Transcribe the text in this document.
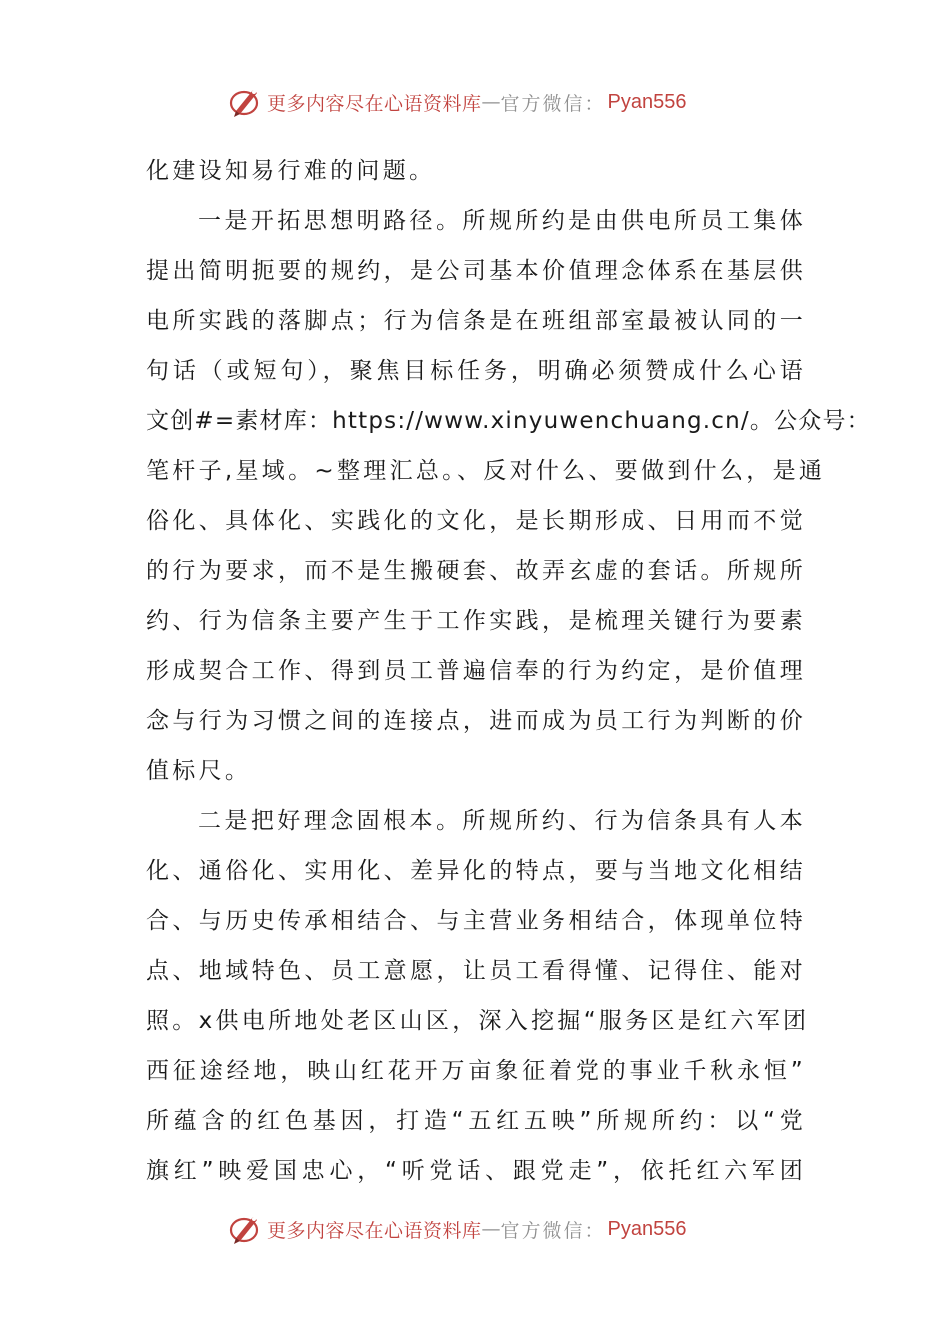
更多内容尽在心语资料库 — 官方微信： Pyan556
化建设知易行难的问题。
一是开拓思想明路径。所规所约是由供电所员工集体
提出简明扼要的规约，是公司基本价值理念体系在基层供
电所实践的落脚点；行为信条是在班组部室最被认同的一
句话（或短句），聚焦目标任务，明确必须赞成什么心语
文创#=素材库：https://www.xinyuwenchuang.cn/。公众号：
笔杆子,星域。~整理汇总。、反对什么、要做到什么，是通
俗化、具体化、实践化的文化，是长期形成、日用而不觉
的行为要求，而不是生搬硬套、故弄玄虚的套话。所规所
约、行为信条主要产生于工作实践，是梳理关键行为要素
形成契合工作、得到员工普遍信奉的行为约定，是价值理
念与行为习惯之间的连接点，进而成为员工行为判断的价
值标尺。
二是把好理念固根本。所规所约、行为信条具有人本
化、通俗化、实用化、差异化的特点，要与当地文化相结
合、与历史传承相结合、与主营业务相结合，体现单位特
点、地域特色、员工意愿，让员工看得懂、记得住、能对
照。x供电所地处老区山区，深入挖掘“服务区是红六军团
西征途经地，映山红花开万亩象征着党的事业千秋永恒”
所蕴含的红色基因，打造“五红五映”所规所约：以“党
旗红”映爱国忠心，“听党话、跟党走”，依托红六军团
更多内容尽在心语资料库 — 官方微信： Pyan556
